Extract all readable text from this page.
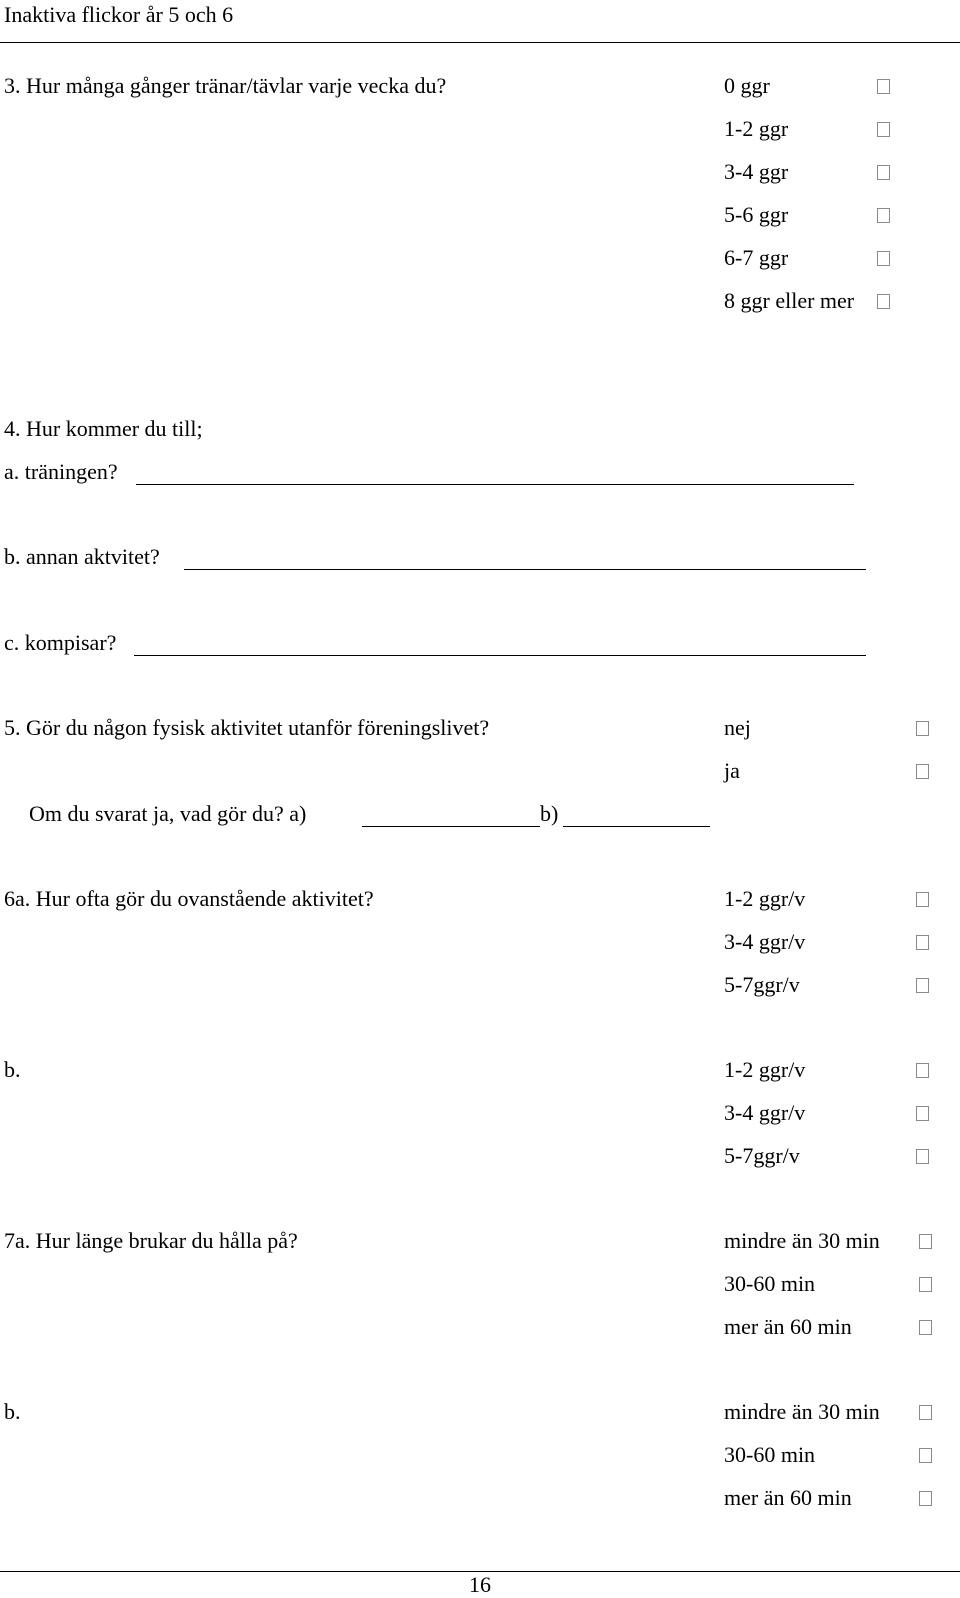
Inaktiva flickor år 5 och 6
3. Hur många gånger tränar/tävlar varje vecka du?	0 ggr
1-2 ggr
3-4 ggr
5-6 ggr
6-7 ggr
8 ggr eller mer
4. Hur kommer du till;
a. träningen?
b. annan aktvitet?
c. kompisar?
5. Gör du någon fysisk aktivitet utanför föreningslivet?	nej
ja
Om du svarat ja, vad gör du? a)	b)
6a. Hur ofta gör du ovanstående aktivitet?	1-2 ggr/v
3-4 ggr/v
5-7ggr/v
b.	1-2 ggr/v
3-4 ggr/v
5-7ggr/v
7a. Hur länge brukar du hålla på?	mindre än 30 min
30-60 min
mer än 60 min
b.	mindre än 30 min
30-60 min
mer än 60 min
16
